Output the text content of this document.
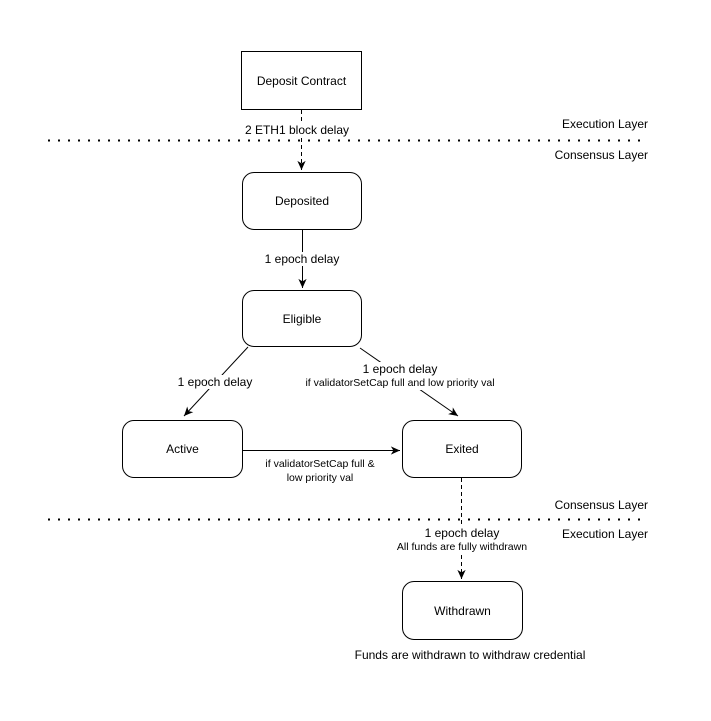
Deposit Contract
Deposited
Eligible
Active	Exited
Withdrawn
2 ETH1 block delay
1 epoch delay
1 epoch delay
1 epoch delay
if validatorSetCap full and low priority val
if validatorSetCap full &
low priority val
1 epoch delay
All funds are fully withdrawn
Execution Layer
Consensus Layer
Consensus Layer
Execution Layer
Funds are withdrawn to withdraw credential
